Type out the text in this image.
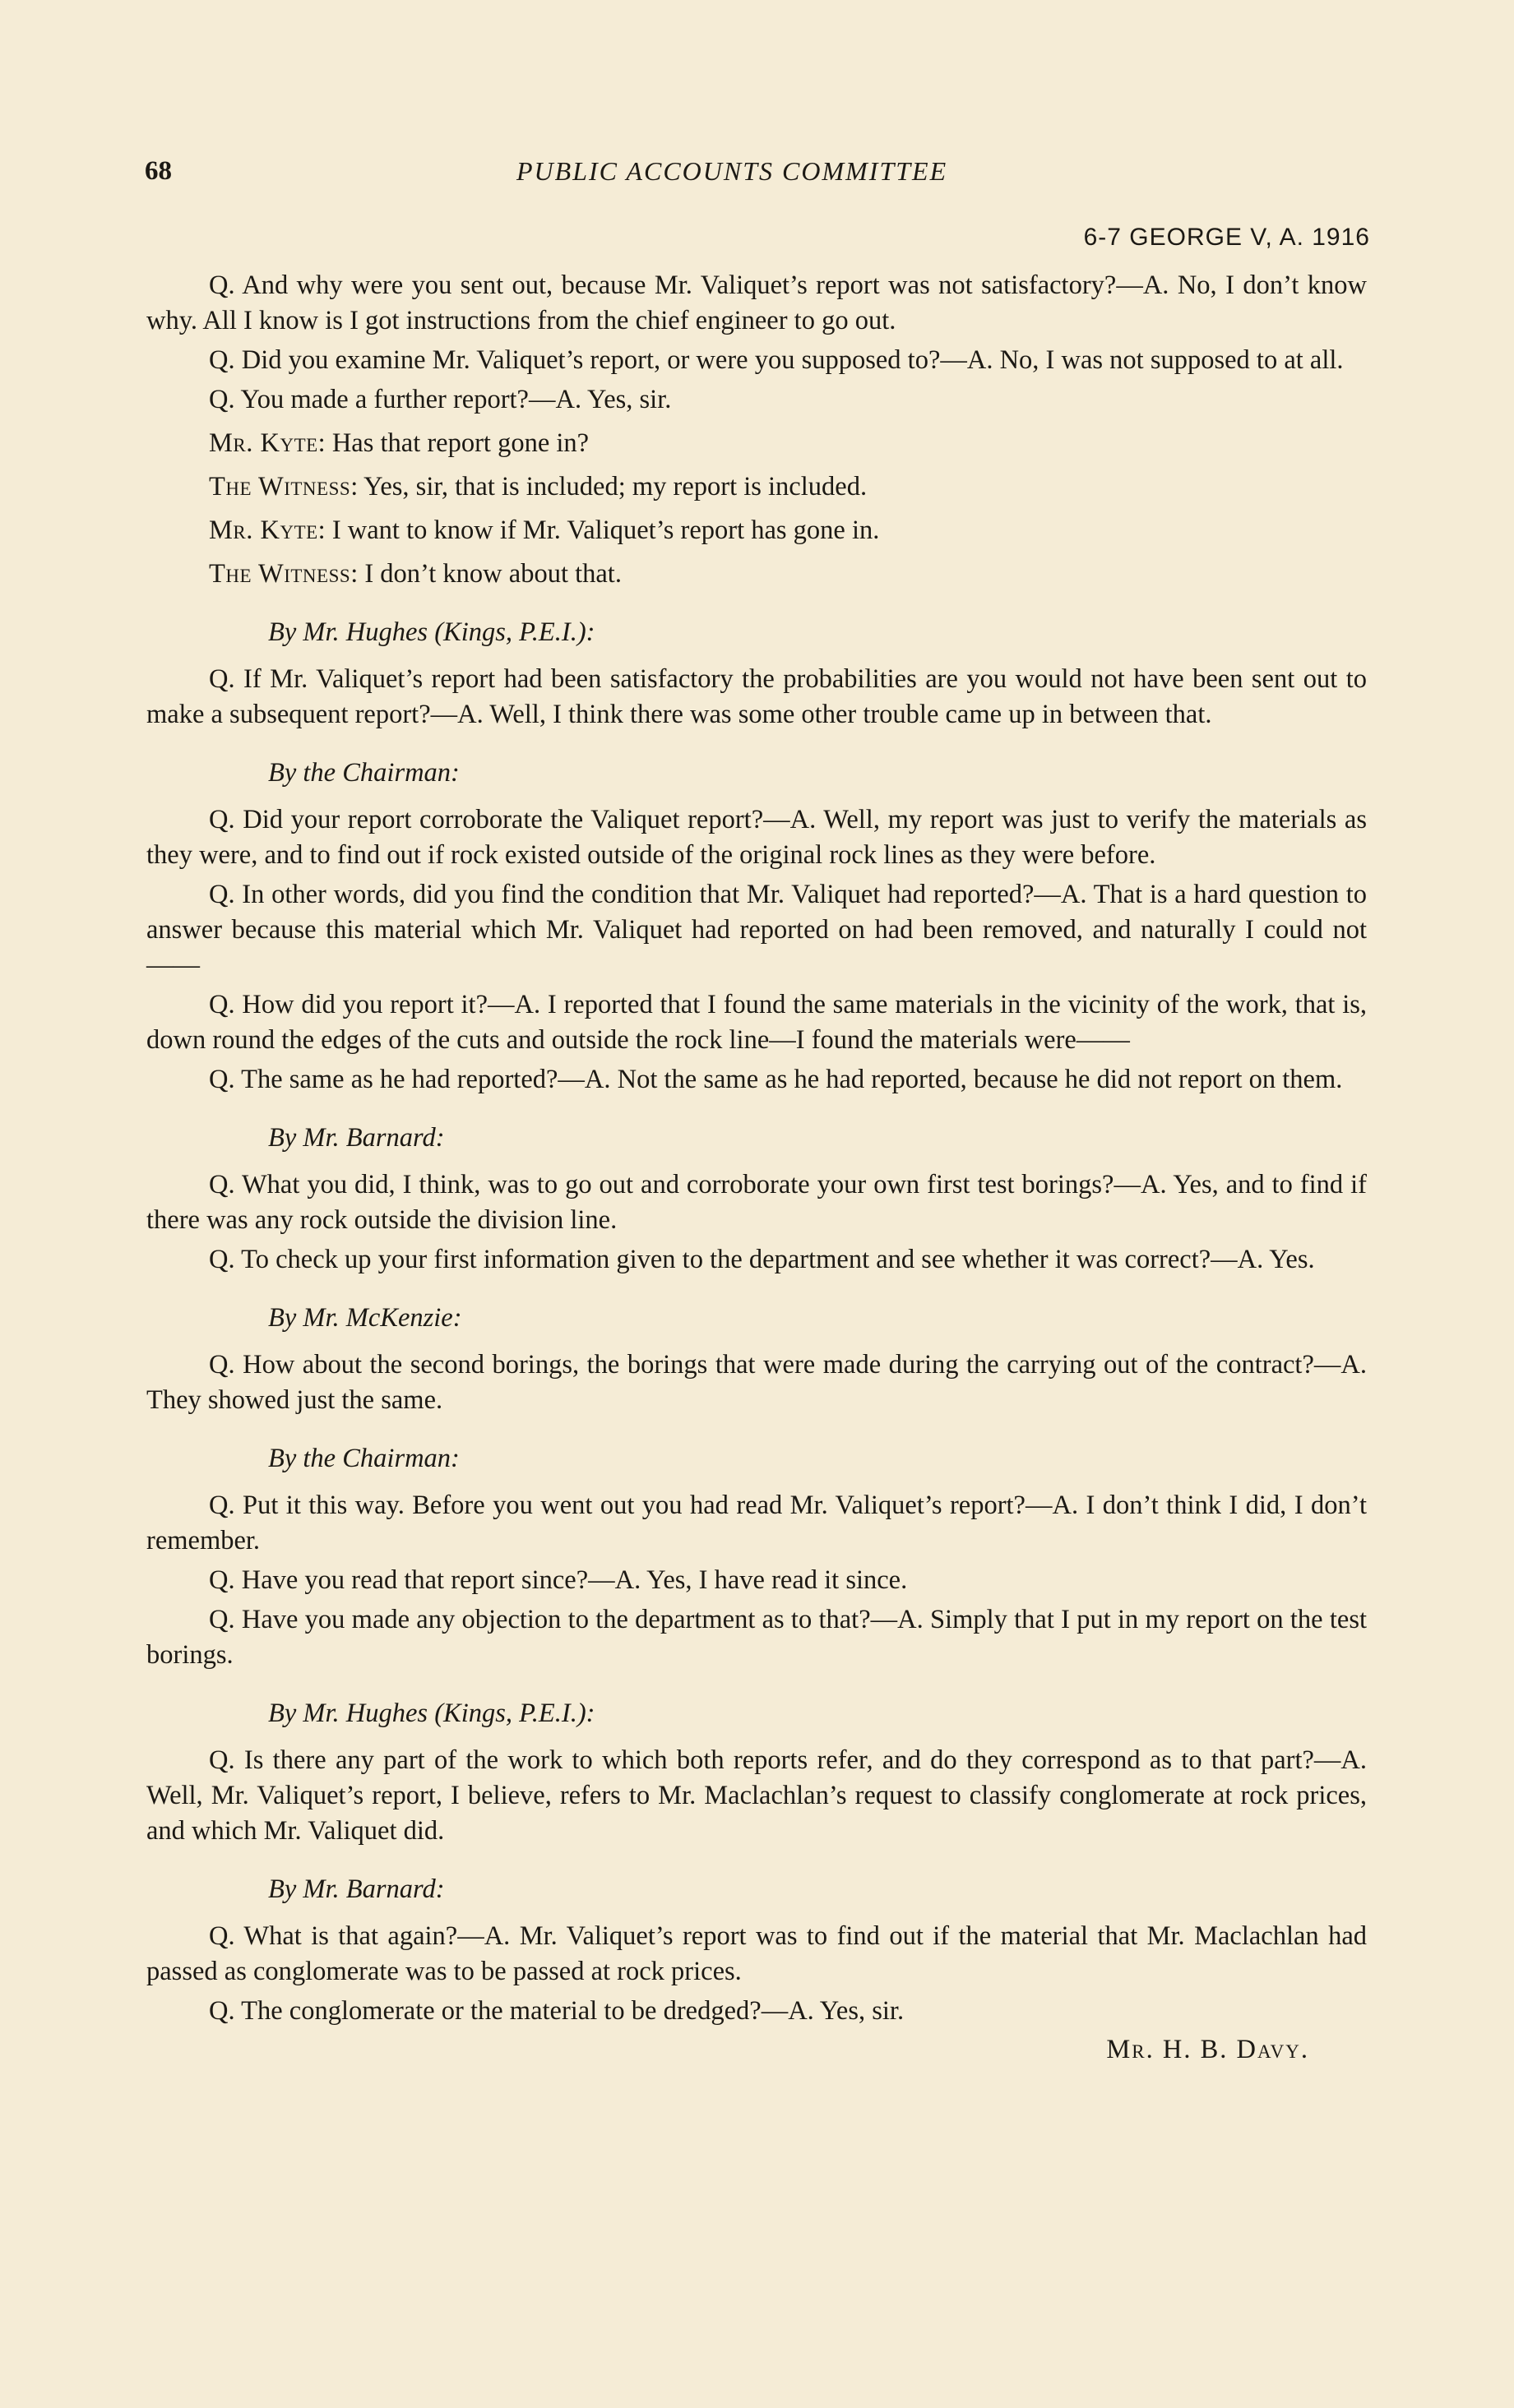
68	PUBLIC ACCOUNTS COMMITTEE
6-7 GEORGE V, A. 1916

Q. And why were you sent out, because Mr. Valiquet’s report was not satisfactory?—A. No, I don’t know why. All I know is I got instructions from the chief engineer to go out.

Q. Did you examine Mr. Valiquet’s report, or were you supposed to?—A. No, I was not supposed to at all.

Q. You made a further report?—A. Yes, sir.

Mr. Kyte: Has that report gone in?

The Witness: Yes, sir, that is included; my report is included.

Mr. Kyte: I want to know if Mr. Valiquet’s report has gone in.

The Witness: I don’t know about that.

By Mr. Hughes (Kings, P.E.I.):

Q. If Mr. Valiquet’s report had been satisfactory the probabilities are you would not have been sent out to make a subsequent report?—A. Well, I think there was some other trouble came up in between that.

By the Chairman:

Q. Did your report corroborate the Valiquet report?—A. Well, my report was just to verify the materials as they were, and to find out if rock existed outside of the original rock lines as they were before.

Q. In other words, did you find the condition that Mr. Valiquet had reported?—A. That is a hard question to answer because this material which Mr. Valiquet had reported on had been removed, and naturally I could not——

Q. How did you report it?—A. I reported that I found the same materials in the vicinity of the work, that is, down round the edges of the cuts and outside the rock line—I found the materials were——

Q. The same as he had reported?—A. Not the same as he had reported, because he did not report on them.

By Mr. Barnard:

Q. What you did, I think, was to go out and corroborate your own first test borings?—A. Yes, and to find if there was any rock outside the division line.

Q. To check up your first information given to the department and see whether it was correct?—A. Yes.

By Mr. McKenzie:

Q. How about the second borings, the borings that were made during the carrying out of the contract?—A. They showed just the same.

By the Chairman:

Q. Put it this way. Before you went out you had read Mr. Valiquet’s report?—A. I don’t think I did, I don’t remember.

Q. Have you read that report since?—A. Yes, I have read it since.

Q. Have you made any objection to the department as to that?—A. Simply that I put in my report on the test borings.

By Mr. Hughes (Kings, P.E.I.):

Q. Is there any part of the work to which both reports refer, and do they correspond as to that part?—A. Well, Mr. Valiquet’s report, I believe, refers to Mr. Maclachlan’s request to classify conglomerate at rock prices, and which Mr. Valiquet did.

By Mr. Barnard:

Q. What is that again?—A. Mr. Valiquet’s report was to find out if the material that Mr. Maclachlan had passed as conglomerate was to be passed at rock prices.

Q. The conglomerate or the material to be dredged?—A. Yes, sir.

Mr. H. B. Davy.
